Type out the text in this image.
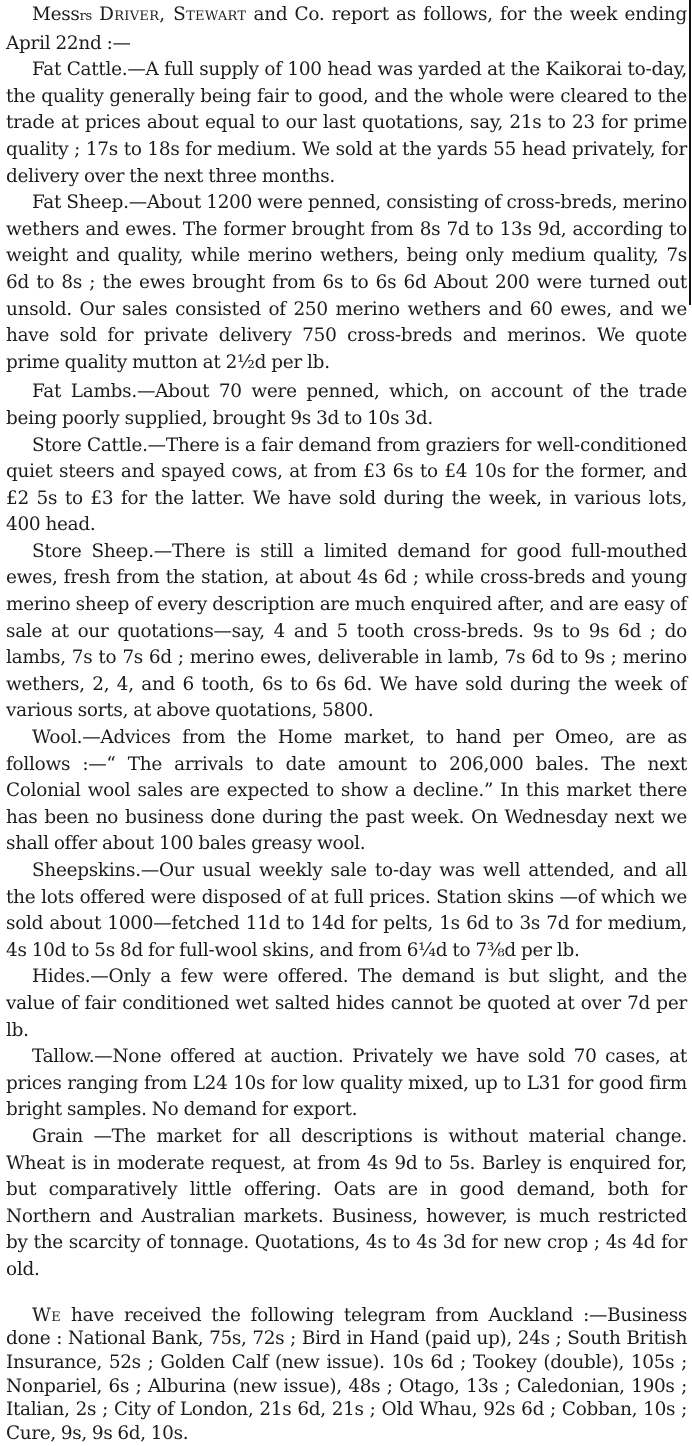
Messrs Driver, Stewart and Co. report as follows, for the week ending April 22nd :—

Fat Cattle.—A full supply of 100 head was yarded at the Kaikorai to-day, the quality generally being fair to good, and the whole were cleared to the trade at prices about equal to our last quotations, say, 21s to 23 for prime quality ; 17s to 18s for medium. We sold at the yards 55 head privately, for delivery over the next three months.

Fat Sheep.—About 1200 were penned, consisting of cross-breds, merino wethers and ewes. The former brought from 8s 7d to 13s 9d, according to weight and quality, while merino wethers, being only medium quality, 7s 6d to 8s ; the ewes brought from 6s to 6s 6d About 200 were turned out unsold. Our sales consisted of 250 merino wethers and 60 ewes, and we have sold for private delivery 750 cross-breds and merinos. We quote prime quality mutton at 2½d per lb.

Fat Lambs.—About 70 were penned, which, on account of the trade being poorly supplied, brought 9s 3d to 10s 3d.

Store Cattle.—There is a fair demand from graziers for well-conditioned quiet steers and spayed cows, at from £3 6s to £4 10s for the former, and £2 5s to £3 for the latter. We have sold during the week, in various lots, 400 head.

Store Sheep.—There is still a limited demand for good full-mouthed ewes, fresh from the station, at about 4s 6d ; while cross-breds and young merino sheep of every description are much enquired after, and are easy of sale at our quotations—say, 4 and 5 tooth cross-breds. 9s to 9s 6d ; do lambs, 7s to 7s 6d ; merino ewes, deliverable in lamb, 7s 6d to 9s ; merino wethers, 2, 4, and 6 tooth, 6s to 6s 6d. We have sold during the week of various sorts, at above quotations, 5800.

Wool.—Advices from the Home market, to hand per Omeo, are as follows :—“ The arrivals to date amount to 206,000 bales. The next Colonial wool sales are expected to show a decline.” In this market there has been no business done during the past week. On Wednesday next we shall offer about 100 bales greasy wool.

Sheepskins.—Our usual weekly sale to-day was well attended, and all the lots offered were disposed of at full prices. Station skins —of which we sold about 1000—fetched 11d to 14d for pelts, 1s 6d to 3s 7d for medium, 4s 10d to 5s 8d for full-wool skins, and from 6¼d to 7⅜d per lb.

Hides.—Only a few were offered. The demand is but slight, and the value of fair conditioned wet salted hides cannot be quoted at over 7d per lb.

Tallow.—None offered at auction. Privately we have sold 70 cases, at prices ranging from L24 10s for low quality mixed, up to L31 for good firm bright samples. No demand for export.

Grain —The market for all descriptions is without material change. Wheat is in moderate request, at from 4s 9d to 5s. Barley is enquired for, but comparatively little offering. Oats are in good demand, both for Northern and Australian markets. Business, however, is much restricted by the scarcity of tonnage. Quotations, 4s to 4s 3d for new crop ; 4s 4d for old.

We have received the following telegram from Auckland :—Business done : National Bank, 75s, 72s ; Bird in Hand (paid up), 24s ; South British Insurance, 52s ; Golden Calf (new issue). 10s 6d ; Tookey (double), 105s ; Nonpariel, 6s ; Alburina (new issue), 48s ; Otago, 13s ; Caledonian, 190s ; Italian, 2s ; City of London, 21s 6d, 21s ; Old Whau, 92s 6d ; Cobban, 10s ; Cure, 9s, 9s 6d, 10s.
